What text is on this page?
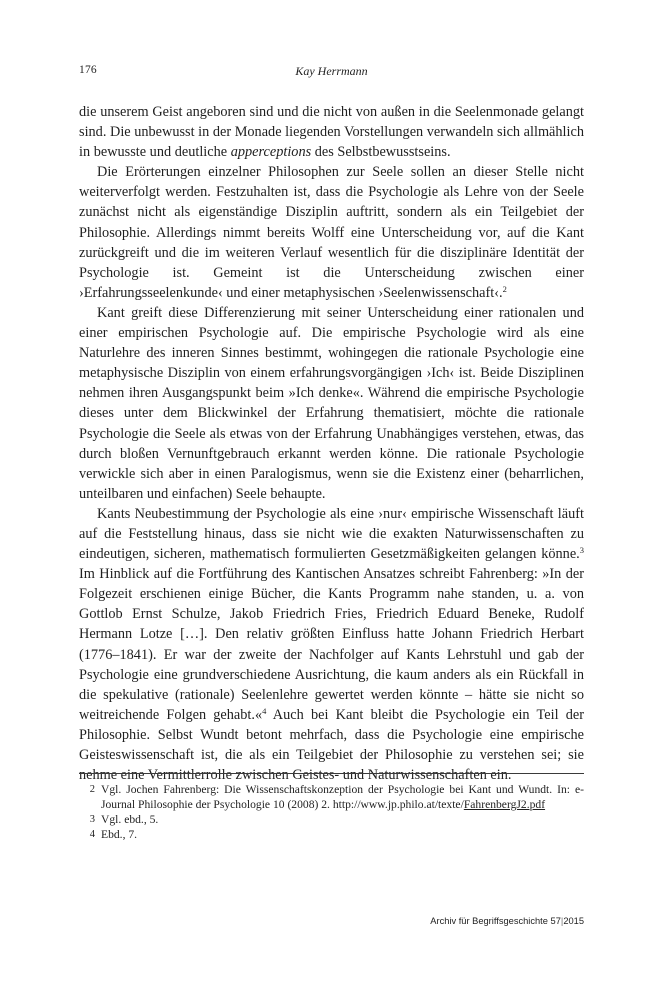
176	Kay Herrmann

die unserem Geist angeboren sind und die nicht von außen in die Seelenmonade gelangt sind. Die unbewusst in der Monade liegenden Vorstellungen verwandeln sich allmählich in bewusste und deutliche apperceptions des Selbstbewusstseins.

Die Erörterungen einzelner Philosophen zur Seele sollen an dieser Stelle nicht weiterverfolgt werden. Festzuhalten ist, dass die Psychologie als Lehre von der Seele zunächst nicht als eigenständige Disziplin auftritt, sondern als ein Teilgebiet der Philosophie. Allerdings nimmt bereits Wolff eine Unterscheidung vor, auf die Kant zurückgreift und die im weiteren Verlauf wesentlich für die disziplinäre Identität der Psychologie ist. Gemeint ist die Unterscheidung zwischen einer ›Erfahrungsseelenkunde‹ und einer metaphysischen ›Seelenwissenschaft‹.$^2$

Kant greift diese Differenzierung mit seiner Unterscheidung einer rationalen und einer empirischen Psychologie auf. Die empirische Psychologie wird als eine Naturlehre des inneren Sinnes bestimmt, wohingegen die rationale Psychologie eine metaphysische Disziplin von einem erfahrungsvorgängigen ›Ich‹ ist. Beide Disziplinen nehmen ihren Ausgangspunkt beim »Ich denke«. Während die empirische Psychologie dieses unter dem Blickwinkel der Erfahrung thematisiert, möchte die rationale Psychologie die Seele als etwas von der Erfahrung Unabhängiges verstehen, etwas, das durch bloßen Vernunftgebrauch erkannt werden könne. Die rationale Psychologie verwickle sich aber in einen Paralogismus, wenn sie die Existenz einer (beharrlichen, unteilbaren und einfachen) Seele behaupte.

Kants Neubestimmung der Psychologie als eine ›nur‹ empirische Wissenschaft läuft auf die Feststellung hinaus, dass sie nicht wie die exakten Naturwissenschaften zu eindeutigen, sicheren, mathematisch formulierten Gesetzmäßigkeiten gelangen könne.$^3$ Im Hinblick auf die Fortführung des Kantischen Ansatzes schreibt Fahrenberg: »In der Folgezeit erschienen einige Bücher, die Kants Programm nahe standen, u. a. von Gottlob Ernst Schulze, Jakob Friedrich Fries, Friedrich Eduard Beneke, Rudolf Hermann Lotze […]. Den relativ größten Einfluss hatte Johann Friedrich Herbart (1776–1841). Er war der zweite der Nachfolger auf Kants Lehrstuhl und gab der Psychologie eine grundverschiedene Ausrichtung, die kaum anders als ein Rückfall in die spekulative (rationale) Seelenlehre gewertet werden könnte – hätte sie nicht so weitreichende Folgen gehabt.«$^4$ Auch bei Kant bleibt die Psychologie ein Teil der Philosophie. Selbst Wundt betont mehrfach, dass die Psychologie eine empirische Geisteswissenschaft ist, die als ein Teilgebiet der Philosophie zu verstehen sei; sie nehme eine Vermittlerrolle zwischen Geistes- und Naturwissenschaften ein.

2 Vgl. Jochen Fahrenberg: Die Wissenschaftskonzeption der Psychologie bei Kant und Wundt. In: e-Journal Philosophie der Psychologie 10 (2008) 2. http://www.jp.philo.at/texte/FahrenbergJ2.pdf
3 Vgl. ebd., 5.
4 Ebd., 7.
Archiv für Begriffsgeschichte 57|2015
